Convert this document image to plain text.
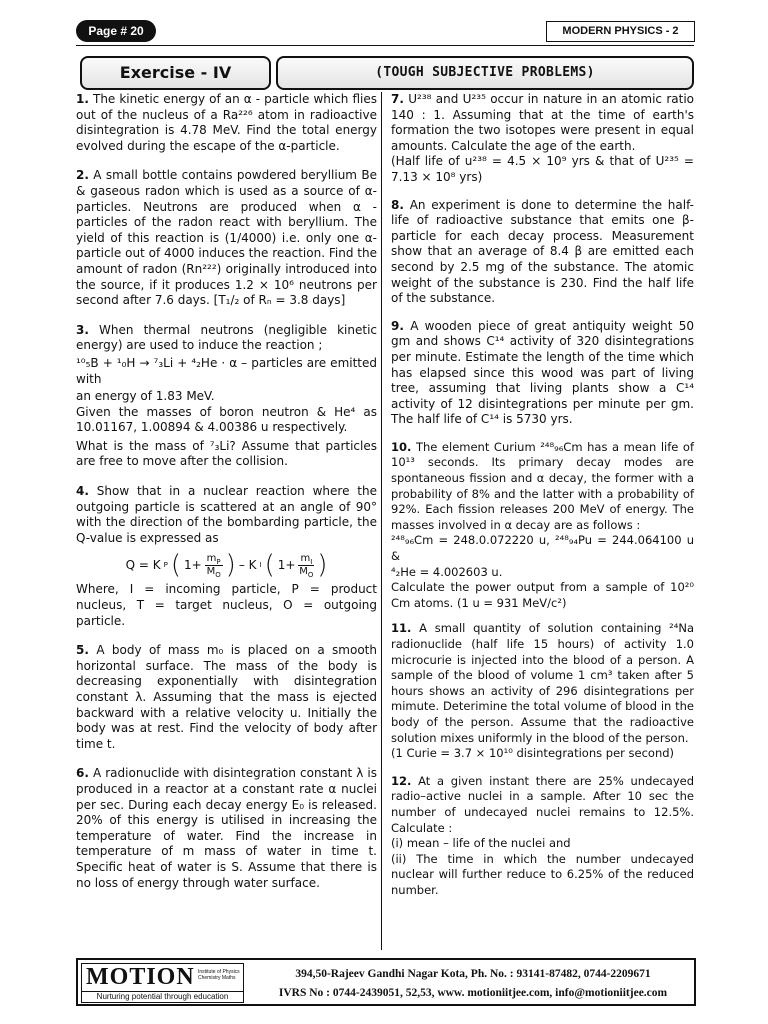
Page # 20	MODERN PHYSICS - 2
Exercise - IV	(TOUGH SUBJECTIVE PROBLEMS)
1. The kinetic energy of an α - particle which flies out of the nucleus of a Ra²²⁶ atom in radioactive disintegration is 4.78 MeV. Find the total energy evolved during the escape of the α-particle.
2. A small bottle contains powdered beryllium Be & gaseous radon which is used as a source of α-particles. Neutrons are produced when α - particles of the radon react with beryllium. The yield of this reaction is (1/4000) i.e. only one α-particle out of 4000 induces the reaction. Find the amount of radon (Rn²²²) originally introduced into the source, if it produces 1.2 × 10⁶ neutrons per second after 7.6 days. [T₁/₂ of Rₙ = 3.8 days]
3. When thermal neutrons (negligible kinetic energy) are used to induce the reaction ;
¹⁰₅B + ¹₀H → ⁷₃Li + ⁴₂He · α – particles are emitted with
an energy of 1.83 MeV.
Given the masses of boron neutron & He⁴ as 10.01167, 1.00894 & 4.00386 u respectively.
What is the mass of ⁷₃Li? Assume that particles are free to move after the collision.
4. Show that in a nuclear reaction where the outgoing particle is scattered at an angle of 90° with the direction of the bombarding particle, the Q-value is expressed as
Q = K P ( $1+ \frac{m_P}{M_O}$ ) – K I ( $1+ \frac{m_I}{M_O}$ )
Where, I = incoming particle, P = product nucleus, T = target nucleus, O = outgoing particle.
5. A body of mass m₀ is placed on a smooth horizontal surface. The mass of the body is decreasing exponentially with disintegration constant λ. Assuming that the mass is ejected backward with a relative velocity u. Initially the body was at rest. Find the velocity of body after time t.
6. A radionuclide with disintegration constant λ is produced in a reactor at a constant rate α nuclei per sec. During each decay energy E₀ is released. 20% of this energy is utilised in increasing the temperature of water. Find the increase in temperature of m mass of water in time t. Specific heat of water is S. Assume that there is no loss of energy through water surface.
7. U²³⁸ and U²³⁵ occur in nature in an atomic ratio 140 : 1. Assuming that at the time of earth's formation the two isotopes were present in equal amounts. Calculate the age of the earth.
(Half life of u²³⁸ = 4.5 × 10⁹ yrs & that of U²³⁵ = 7.13 × 10⁸ yrs)
8. An experiment is done to determine the half-life of radioactive substance that emits one β-particle for each decay process. Measurement show that an average of 8.4 β are emitted each second by 2.5 mg of the substance. The atomic weight of the substance is 230. Find the half life of the substance.
9. A wooden piece of great antiquity weight 50 gm and shows C¹⁴ activity of 320 disintegrations per minute. Estimate the length of the time which has elapsed since this wood was part of living tree, assuming that living plants show a C¹⁴ activity of 12 disintegrations per minute per gm. The half life of C¹⁴ is 5730 yrs.
10. The element Curium ²⁴⁸₉₆Cm has a mean life of 10¹³ seconds. Its primary decay modes are spontaneous fission and α decay, the former with a probability of 8% and the latter with a probability of 92%. Each fission releases 200 MeV of energy. The masses involved in α decay are as follows :
²⁴⁸₉₆Cm = 248.0.072220 u, ²⁴⁸₉₄Pu = 244.064100 u &
⁴₂He = 4.002603 u.
Calculate the power output from a sample of 10²⁰ Cm atoms. (1 u = 931 MeV/c²)
11. A small quantity of solution containing ²⁴Na radionuclide (half life 15 hours) of activity 1.0 microcurie is injected into the blood of a person. A sample of the blood of volume 1 cm³ taken after 5 hours shows an activity of 296 disintegrations per mimute. Deterimine the total volume of blood in the body of the person. Assume that the radioactive solution mixes uniformly in the blood of the person.
(1 Curie = 3.7 × 10¹⁰ disintegrations per second)
12. At a given instant there are 25% undecayed radio–active nuclei in a sample. After 10 sec the number of undecayed nuclei remains to 12.5%. Calculate :
(i) mean – life of the nuclei and
(ii) The time in which the number undecayed nuclear will further reduce to 6.25% of the reduced number.
MOTION Institute of Physics Chemistry Maths
Nurturing potential through education
394,50-Rajeev Gandhi Nagar Kota, Ph. No. : 93141-87482, 0744-2209671
IVRS No : 0744-2439051, 52,53, www. motioniitjee.com, info@motioniitjee.com
